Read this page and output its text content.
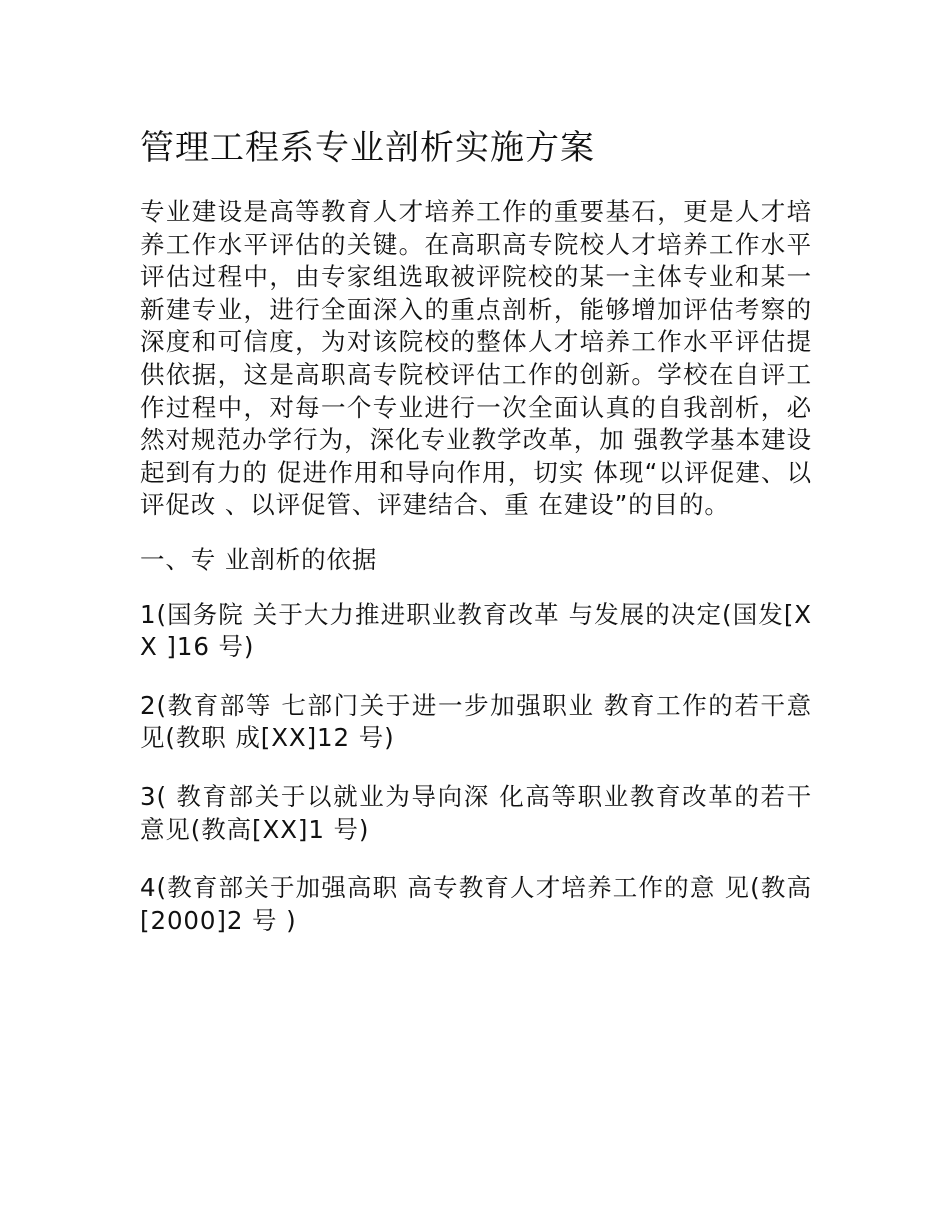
管理工程系专业剖析实施方案

专业建设是高等教育人才培养工作的重要基石，更是人才培养工作水平评估的关键。在高职高专院校人才培养工作水平评估过程中，由专家组选取被评院校的某一主体专业和某一新建专业，进行全面深入的重点剖析，能够增加评估考察的深度和可信度，为对该院校的整体人才培养工作水平评估提供依据，这是高职高专院校评估工作的创新。学校在自评工作过程中，对每一个专业进行一次全面认真的自我剖析，必然对规范办学行为，深化专业教学改革，加 强教学基本建设起到有力的 促进作用和导向作用，切实 体现“以评促建、以评促改 、以评促管、评建结合、重 在建设”的目的。

一、专 业剖析的依据

1(国务院 关于大力推进职业教育改革 与发展的决定(国发[XX ]16 号)

2(教育部等 七部门关于进一步加强职业 教育工作的若干意见(教职 成[XX]12 号)

3( 教育部关于以就业为导向深 化高等职业教育改革的若干 意见(教高[XX]1 号)

4(教育部关于加强高职 高专教育人才培养工作的意 见(教高[2000]2 号 )
